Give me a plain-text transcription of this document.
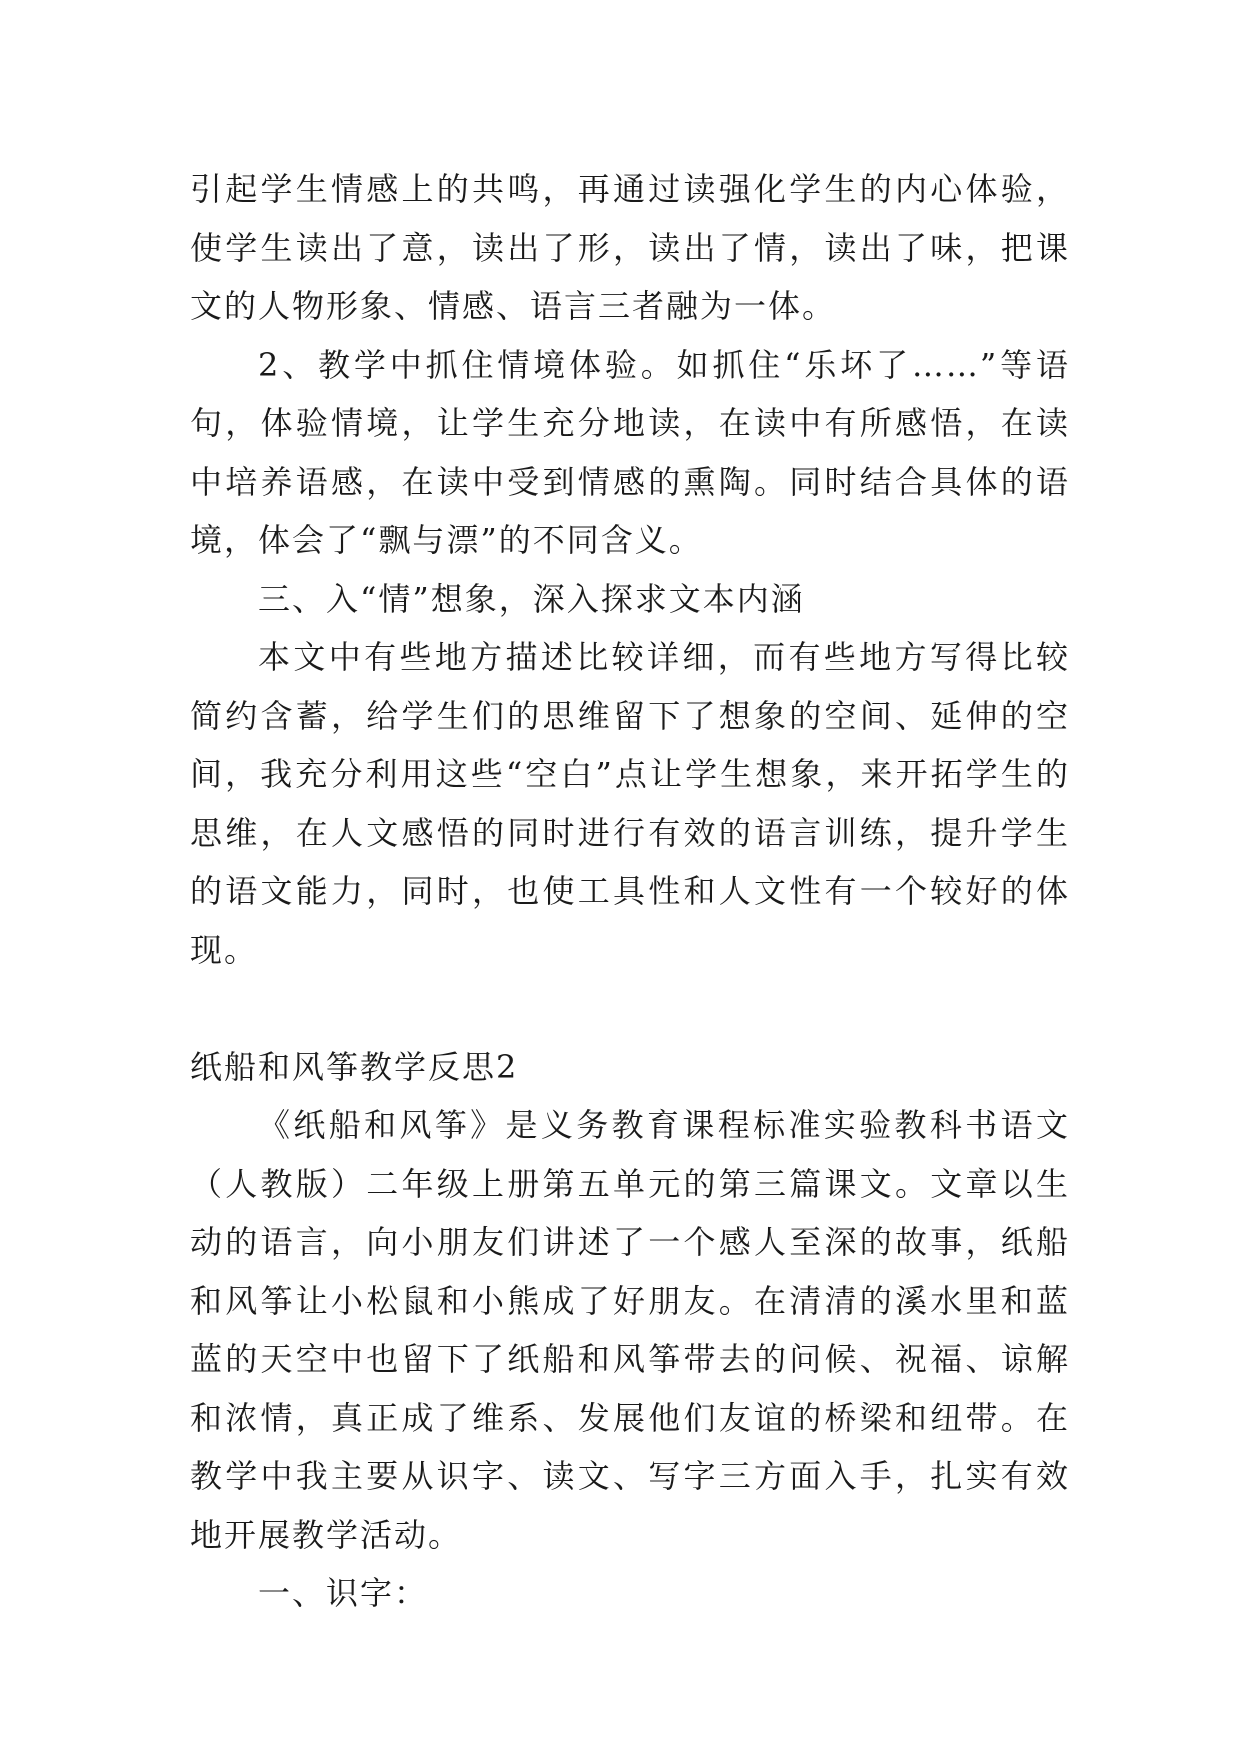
引起学生情感上的共鸣，再通过读强化学生的内心体验，使学生读出了意，读出了形，读出了情，读出了味，把课文的人物形象、情感、语言三者融为一体。

2、教学中抓住情境体验。如抓住“乐坏了……”等语句，体验情境，让学生充分地读，在读中有所感悟，在读中培养语感，在读中受到情感的熏陶。同时结合具体的语境，体会了“飘与漂”的不同含义。

三、入“情”想象，深入探求文本内涵

本文中有些地方描述比较详细，而有些地方写得比较简约含蓄，给学生们的思维留下了想象的空间、延伸的空间，我充分利用这些“空白”点让学生想象，来开拓学生的思维，在人文感悟的同时进行有效的语言训练，提升学生的语文能力，同时，也使工具性和人文性有一个较好的体现。

纸船和风筝教学反思2

《纸船和风筝》是义务教育课程标准实验教科书语文（人教版）二年级上册第五单元的第三篇课文。文章以生动的语言，向小朋友们讲述了一个感人至深的故事，纸船和风筝让小松鼠和小熊成了好朋友。在清清的溪水里和蓝蓝的天空中也留下了纸船和风筝带去的问候、祝福、谅解和浓情，真正成了维系、发展他们友谊的桥梁和纽带。在教学中我主要从识字、读文、写字三方面入手，扎实有效地开展教学活动。

一、识字：
